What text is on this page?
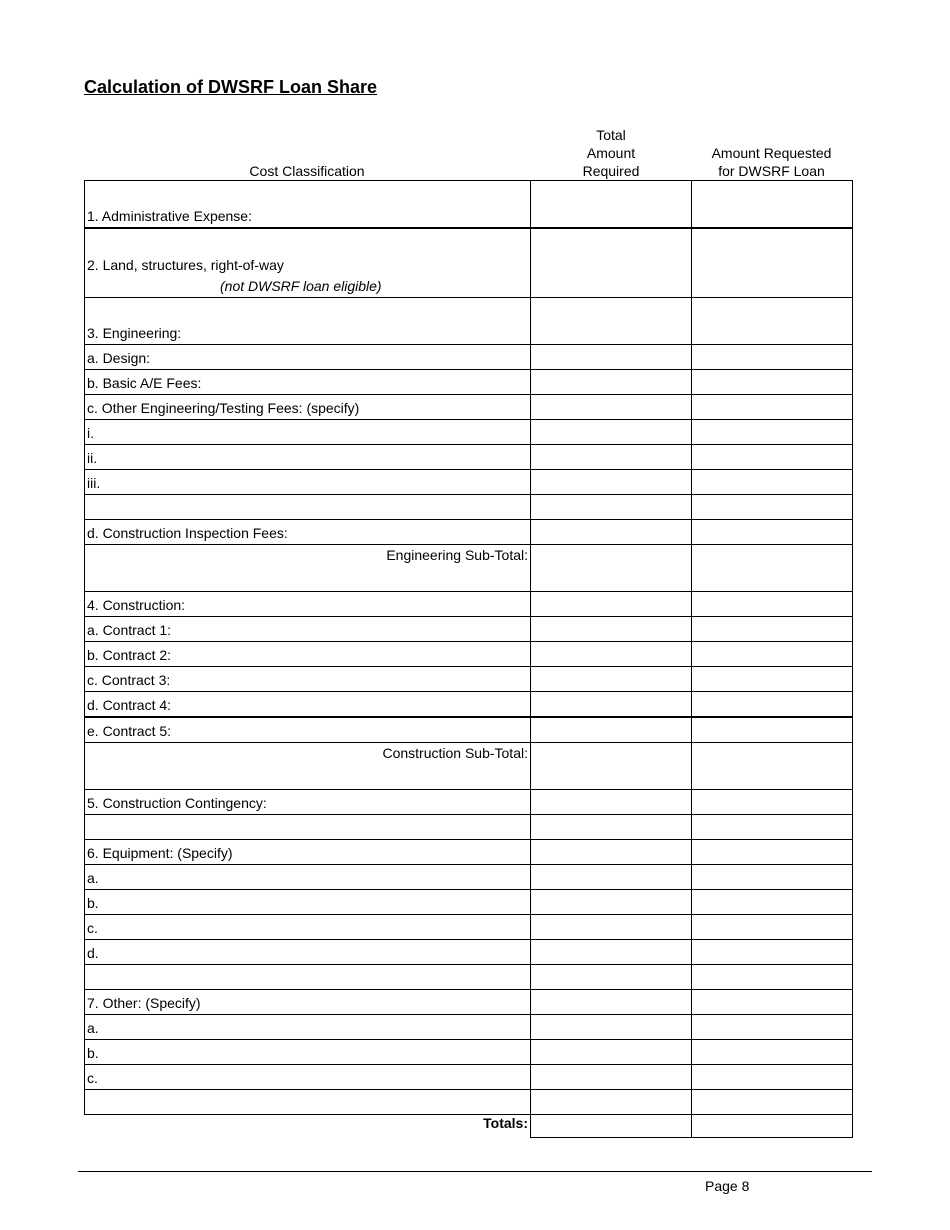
Calculation of DWSRF Loan Share
Cost Classification
Total
Amount
Required
Amount Requested
for DWSRF Loan
1. Administrative Expense:		
2. Land, structures, right-of-way
(not DWSRF loan eligible)		

3. Engineering:		
a. Design:		
b. Basic A/E Fees:		
c. Other Engineering/Testing Fees: (specify)		
i.		
ii.		
iii.		

d. Construction Inspection Fees:		
Engineering Sub-Total:		
4. Construction:		
a. Contract 1:		
b. Contract 2:		
c. Contract 3:		
d. Contract 4:		
e. Contract 5:		
Construction Sub-Total:		
5. Construction Contingency:		

6. Equipment: (Specify)		
a.		
b.		
c.		
d.		

7. Other: (Specify)		
a.		
b.		
c.		

Totals:		
Page 8
